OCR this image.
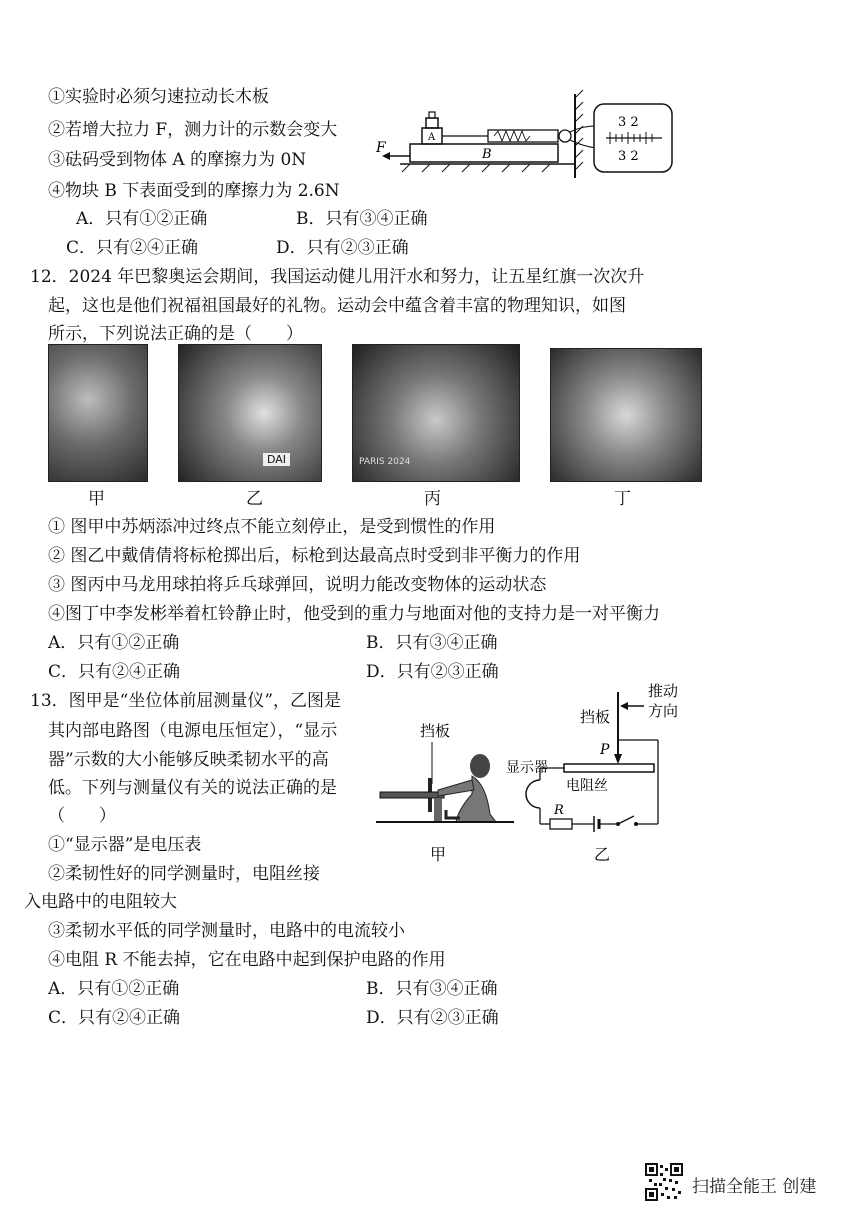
①实验时必须匀速拉动长木板
②若增大拉力 F，测力计的示数会变大
③砝码受到物体 A 的摩擦力为 0N
④物块 B 下表面受到的摩擦力为 2.6N
A．只有①②正确	B．只有③④正确
C．只有②④正确	D．只有②③正确
B
A
F
3 2
3 2
12．2024 年巴黎奥运会期间，我国运动健儿用汗水和努力，让五星红旗一次次升
起，这也是他们祝福祖国最好的礼物。运动会中蕴含着丰富的物理知识，如图
所示，下列说法正确的是（　　）
DAI	PARIS 2024
甲	乙	丙	丁
① 图甲中苏炳添冲过终点不能立刻停止，是受到惯性的作用
② 图乙中戴倩倩将标枪掷出后，标枪到达最高点时受到非平衡力的作用
③ 图丙中马龙用球拍将乒乓球弹回，说明力能改变物体的运动状态
④图丁中李发彬举着杠铃静止时，他受到的重力与地面对他的支持力是一对平衡力
A．只有①②正确	B．只有③④正确
C．只有②④正确	D．只有②③正确
13．图甲是“坐位体前屈测量仪”，乙图是
其内部电路图（电源电压恒定），“显示
器”示数的大小能够反映柔韧水平的高
低。下列与测量仪有关的说法正确的是
（　　）
①“显示器”是电压表
②柔韧性好的同学测量时，电阻丝接
入电路中的电阻较大
③柔韧水平低的同学测量时，电路中的电流较小
④电阻 R 不能去掉，它在电路中起到保护电路的作用
A．只有①②正确	B．只有③④正确
C．只有②④正确	D．只有②③正确
挡板
甲
推动
方向
挡板
P
电阻丝
显示器
R
乙
扫描全能王 创建
